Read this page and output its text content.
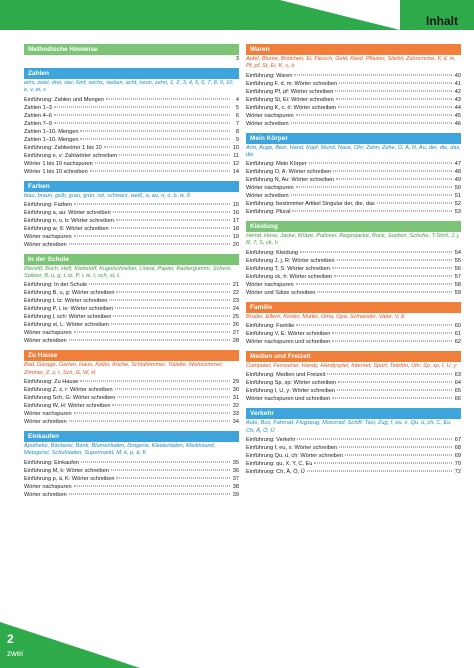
Inhalt
Methodische Hinweise
3
Zahlen
eins, zwei, drei, vier, fünf, sechs, sieben, acht, neun, zehn, 1, 2, 3, 4, 5, 6, 7, 8, 9, 10, e, v, ei, s
Einführung: Zahlen und Mengen	4
Zahlen 1–3	5
Zahlen 4–6	6
Zahlen 7–9	7
Zahlen 1–10, Mengen	8
Zahlen 1–10, Mengen	9
Einführung: Zahlwörter 1 bis 10	10
Einführung e, v: Zahlwörter schreiben	11
Wörter 1 bis 10 nachspuren	12
Wörter 1 bis 10 schreiben	14
Farben
blau, braun, gelb, grau, grün, rot, schwarz, weiß, a, au, n, o, b, w, ß
Einführung: Farben	15
Einführung a, au: Wörter schreiben	16
Einführung n, o, b: Wörter schreiben	17
Einführung w, ß: Wörter schreiben	18
Wörter nachspuren	19
Wörter schreiben	20
In der Schule
Bleistift, Buch, Heft, Klebstoff, Kugelschreiber, Lineal, Papier, Radiergummi, Schere, Spitzer, B, u, g, t, tz, P, i, ie, l, sch, st, L
Einführung: In der Schule	21
Einführung B, u, g: Wörter schreiben	22
Einführung t, tz: Wörter schreiben	23
Einführung P, i, ie: Wörter schreiben	24
Einführung l, sch: Wörter schreiben	25
Einführung st, L: Wörter schreiben	26
Wörter nachspuren	27
Wörter schreiben	28
Zu Hause
Bad, Garage, Garten, Haus, Keller, Küche, Schlafzimmer, Toilette, Wohnzimmer, Zimmer, Z, z, r, Sch, G, W, H
Einführung: Zu Hause	29
Einführung Z, z, r: Wörter schreiben	30
Einführung Sch, G: Wörter schreiben	31
Einführung W, H: Wörter schreiben	32
Wörter nachspuren	33
Wörter schreiben	34
Einkaufen
Apotheke, Bäckerei, Bank, Blumenladen, Drogerie, Kleiderladen, Marktstand, Metzgerei, Schuhladen, Supermarkt, M, k, p, ä, K
Einführung: Einkaufen	35
Einführung M, k: Wörter schreiben	36
Einführung p, ä, K: Wörter schreiben	37
Wörter nachspuren	38
Wörter schreiben	39
Waren
Apfel, Blume, Brötchen, Ei, Fleisch, Geld, Kleid, Pflaster, Stiefel, Zahncreme, F, d, m, Pf, pf, St, Ei, K, c, ö
Einführung: Waren	40
Einführung F, d, m: Wörter schreiben	41
Einführung Pf, pf: Wörter schreiben	42
Einführung St, Ei: Wörter schreiben	43
Einführung K, c, ö: Wörter schreiben	44
Wörter nachspuren	45
Wörter schreiben	46
Mein Körper
Arm, Auge, Bein, Hand, Kopf, Mund, Nase, Ohr, Zahn, Zehe, O, A, N, Au, der, die, das, die
Einführung: Mein Körper	47
Einführung O, A: Wörter schreiben	48
Einführung N, Au: Wörter schreiben	49
Wörter nachspuren	50
Wörter schreiben	51
Einführung: bestimmter Artikel Singular der, die, das	52
Einführung: Plural	53
Kleidung
Hemd, Hose, Jacke, Mütze, Pullover, Regenjacke, Rock, Socken, Schuhe, T-Shirt, J, j, R, T, S, ck, h
Einführung: Kleidung	54
Einführung J, j, R: Wörter schreiben	55
Einführung T, S: Wörter schreiben	56
Einführung ck, h: Wörter schreiben	57
Wörter nachspuren	58
Wörter und Sätze schreiben	59
Familie
Bruder, Eltern, Kinder, Mutter, Oma, Opa, Schwester, Vater, V, E
Einführung: Familie	60
Einführung V, E: Wörter schreiben	61
Wörter nachspuren und schreiben	62
Medien und Freizeit
Computer, Fernseher, Handy, Handyspiel, Internet, Sport, Telefon, Uhr, Sp, sp, I, U, y
Einführung: Medien und Freizeit	63
Einführung Sp, sp: Wörter schreiben	64
Einführung I, U, y: Wörter schreiben	65
Wörter nachspuren und schreiben	66
Verkehr
Auto, Bus, Fahrrad, Flugzeug, Motorrad, Schiff, Taxi, Zug, f, eu, x, Qu, ü, ch, C, Eu, Ch, Ä, Ö, Ü
Einführung: Verkehr	67
Einführung f, eu, x: Wörter schreiben	68
Einführung Qu, ü, ch: Wörter schreiben	69
Einführung: qu, X, Y, C, Eu	70
Einführung: Ch, Ä, Ö, Ü	72
2
zwei
